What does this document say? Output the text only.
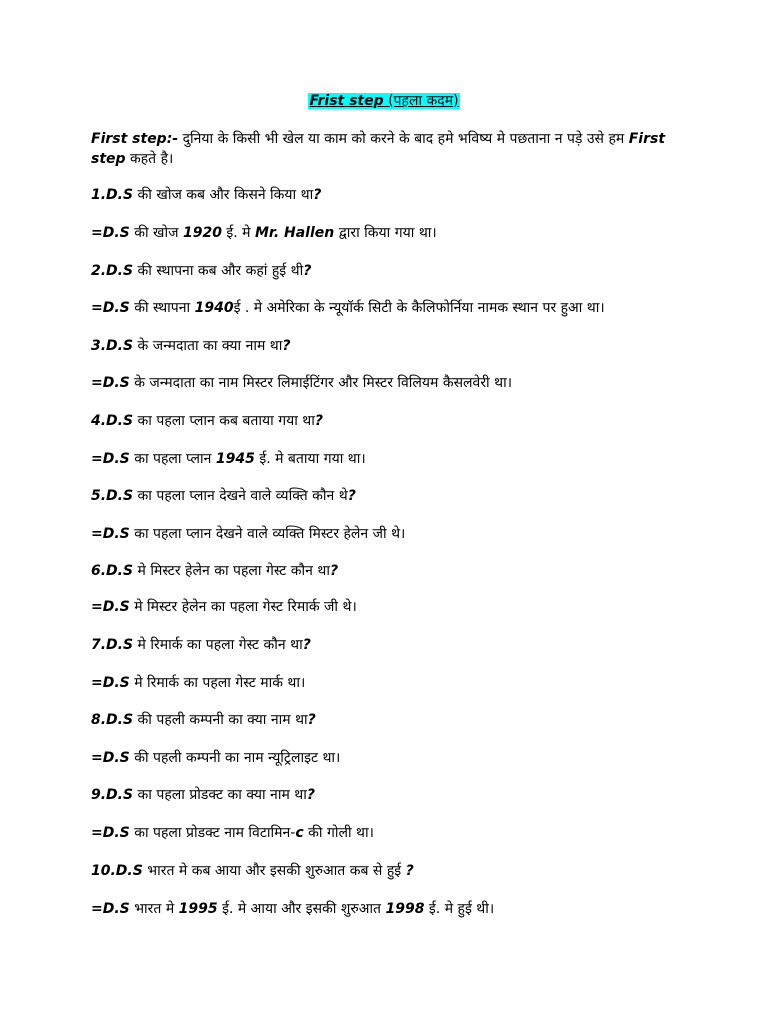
Frist step (पहला कदम)
First step:- दुनिया के किसी भी खेल या काम को करने के बाद हमे भविष्य मे पछताना न पड़े उसे हम First
step कहते है।
1.D.S की खोज कब और किसने किया था?
=D.S की खोज 1920 ई. मे Mr. Hallen द्वारा किया गया था।
2.D.S की स्थापना कब और कहां हुई थी?
=D.S की स्थापना 1940ई . मे अमेरिका के न्यूयॉर्क सिटी के कैलिफोर्निया नामक स्थान पर हुआ था।
3.D.S के जन्मदाता का क्या नाम था?
=D.S के जन्मदाता का नाम मिस्टर लिमाईटिंगर और मिस्टर विलियम कैसलवेरी था।
4.D.S का पहला प्लान कब बताया गया था?
=D.S का पहला प्लान 1945 ई. मे बताया गया था।
5.D.S का पहला प्लान देखने वाले व्यक्ति कौन थे?
=D.S का पहला प्लान देखने वाले व्यक्ति मिस्टर हेलेन जी थे।
6.D.S मे मिस्टर हेलेन का पहला गेस्ट कौन था?
=D.S मे मिस्टर हेलेन का पहला गेस्ट रिमार्क जी थे।
7.D.S मे रिमार्क का पहला गेस्ट कौन था?
=D.S मे रिमार्क का पहला गेस्ट मार्क था।
8.D.S की पहली कम्पनी का क्या नाम था?
=D.S की पहली कम्पनी का नाम न्यूट्रिलाइट था।
9.D.S का पहला प्रोडक्ट का क्या नाम था?
=D.S का पहला प्रोडक्ट नाम विटामिन-c की गोली था।
10.D.S भारत मे कब आया और इसकी शुरुआत कब से हुई ?
=D.S भारत मे 1995 ई. मे आया और इसकी शुरुआत 1998 ई. मे हुई थी।
